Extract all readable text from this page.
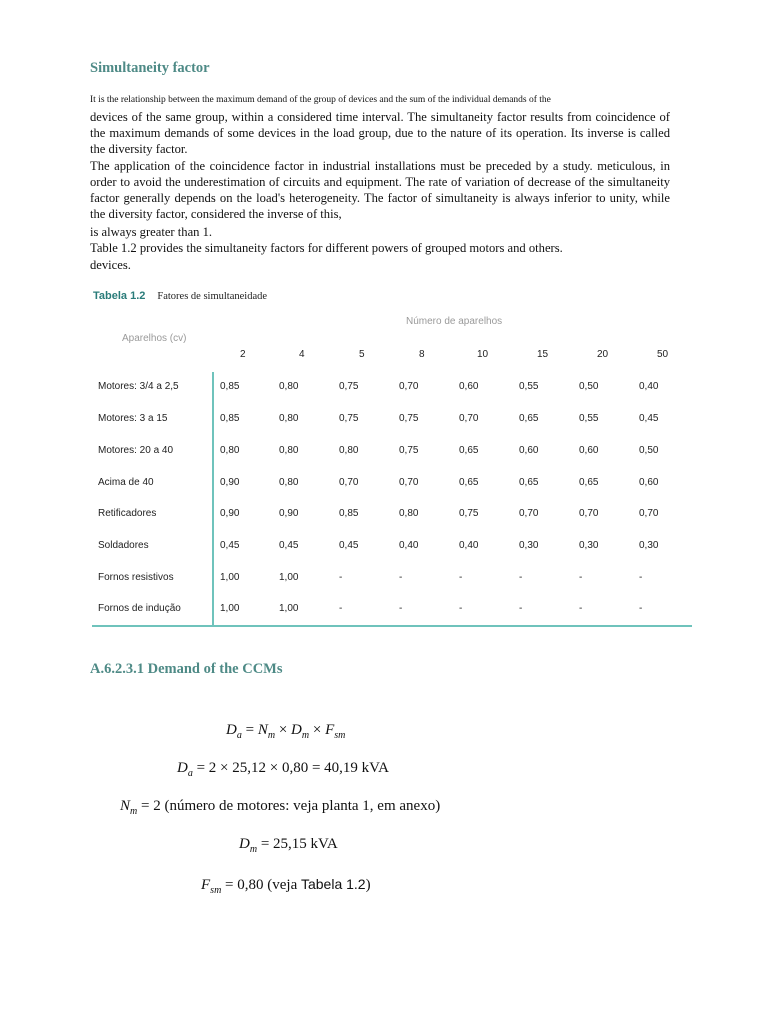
Simultaneity factor
It is the relationship between the maximum demand of the group of devices and the sum of the individual demands of the
devices of the same group, within a considered time interval. The simultaneity factor results from coincidence of the maximum demands of some devices in the load group, due to the nature of its operation. Its inverse is called the diversity factor.
The application of the coincidence factor in industrial installations must be preceded by a study. meticulous, in order to avoid the underestimation of circuits and equipment. The rate of variation of decrease of the simultaneity factor generally depends on the load's heterogeneity. The factor of simultaneity is always inferior to unity, while the diversity factor, considered the inverse of this,
is always greater than 1.
Table 1.2 provides the simultaneity factors for different powers of grouped motors and others.
devices.
Tabela 1.2 Fatores de simultaneidade
Número de aparelhos
Aparelhos (cv)
2	4	5	8	10	15	20	50
Motores: 3/4 a 2,5	0,85	0,80	0,75	0,70	0,60	0,55	0,50	0,40
Motores: 3 a 15	0,85	0,80	0,75	0,75	0,70	0,65	0,55	0,45
Motores: 20 a 40	0,80	0,80	0,80	0,75	0,65	0,60	0,60	0,50
Acima de 40	0,90	0,80	0,70	0,70	0,65	0,65	0,65	0,60
Retificadores	0,90	0,90	0,85	0,80	0,75	0,70	0,70	0,70
Soldadores	0,45	0,45	0,45	0,40	0,40	0,30	0,30	0,30
Fornos resistivos	1,00	1,00	-	-	-	-	-	-
Fornos de indução	1,00	1,00	-	-	-	-	-	-
A.6.2.3.1 Demand of the CCMs
$D_a = N_m \times D_m \times F_{sm}$
$D_a = 2 \times 25,12 \times 0,80 = 40,19$ kVA
$N_m = 2$ (número de motores: veja planta 1, em anexo)
$D_m = 25,15$ kVA
$F_{sm} = 0,80$ (veja Tabela 1.2)
